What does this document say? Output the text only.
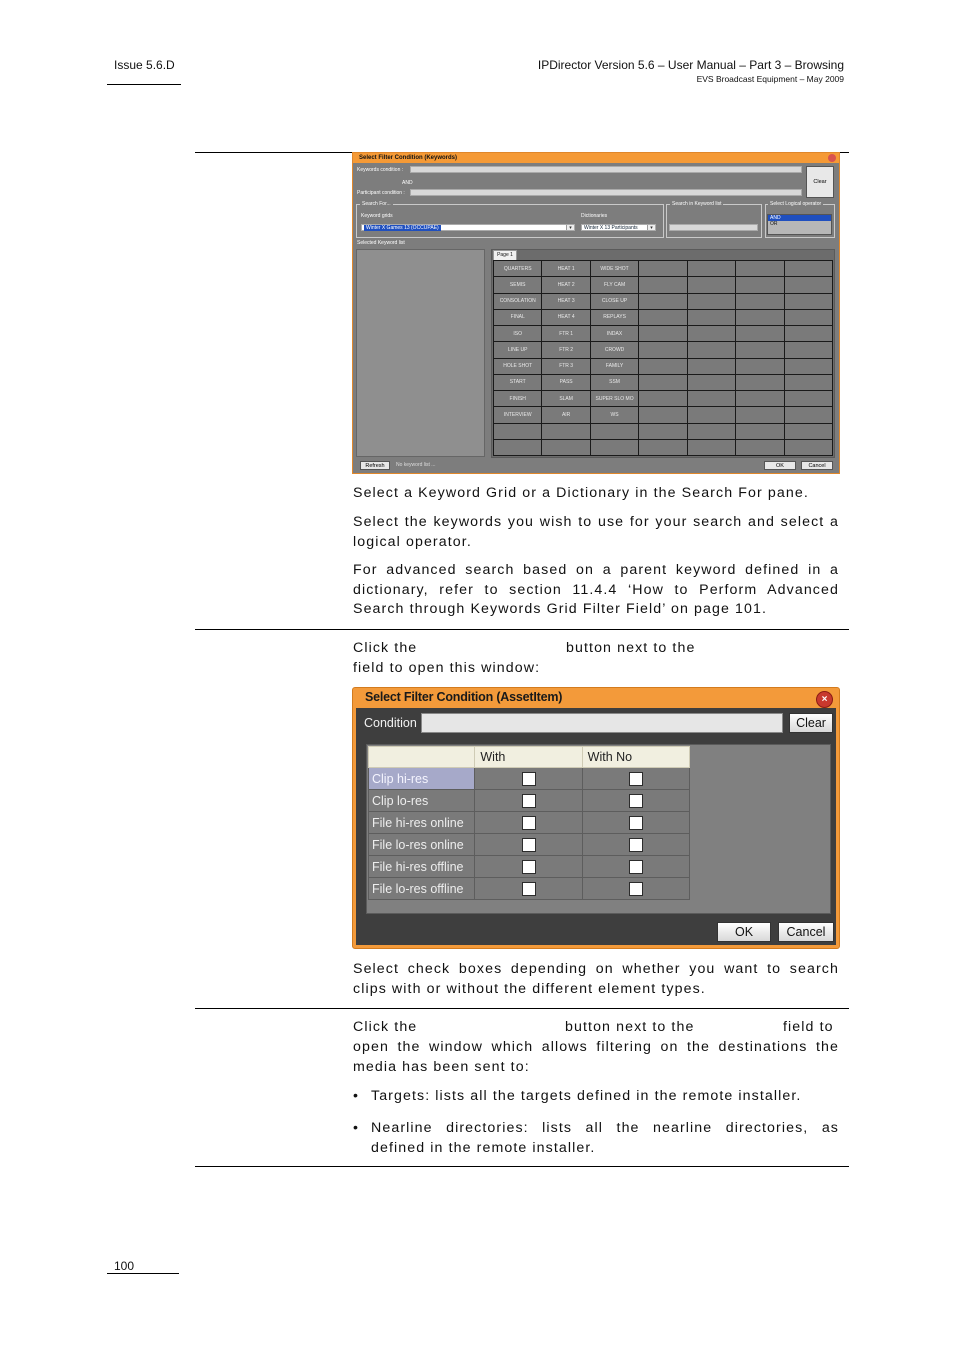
Issue 5.6.D	IPDirector Version 5.6 – User Manual – Part 3 – Browsing
EVS Broadcast Equipment – May 2009
Select Filter Condition (Keywords)
Keywords condition :
AND
Participant condition :
Clear
Search For...
Keyword grids
Winter X Games 13 (OCCUPAE)	▾
Dictionaries
Winter X 13 Participants	▾
Search in Keyword list	Select Logical operator
AND
OR
Selected Keyword list
Page 1
QUARTERS	HEAT 1	WIDE SHOT
SEMIS	HEAT 2	FLY CAM
CONSOLATION	HEAT 3	CLOSE UP
FINAL	HEAT 4	REPLAYS
ISO	FTR 1	INDAX
LINE UP	FTR 2	CROWD
HOLE SHOT	FTR 3	FAMILY
START	PASS	SSM
FINISH	SLAM	SUPER SLO MO
INTERVIEW	AIR	WS
Refresh	No keyword list ...	OK	Cancel
Select a Keyword Grid or a Dictionary in the Search For pane.
Select the keywords you wish to use for your search and select a logical operator.
For advanced search based on a parent keyword defined in a dictionary, refer to section 11.4.4 ‘How to Perform Advanced Search through Keywords Grid Filter Field’ on page 101.
Click the	button next to the
field to open this window:
Select Filter Condition (AssetItem)	×
Condition	Clear
	With	With No
Clip hi-res		
Clip lo-res		
File hi-res online		
File lo-res online		
File hi-res offline		
File lo-res offline		
OK	Cancel
Select check boxes depending on whether you want to search clips with or without the different element types.
Click the	button next to the	field to
open the window which allows filtering on the destinations the media has been sent to:
• Targets: lists all the targets defined in the remote installer.
• Nearline directories: lists all the nearline directories, as defined in the remote installer.
100
